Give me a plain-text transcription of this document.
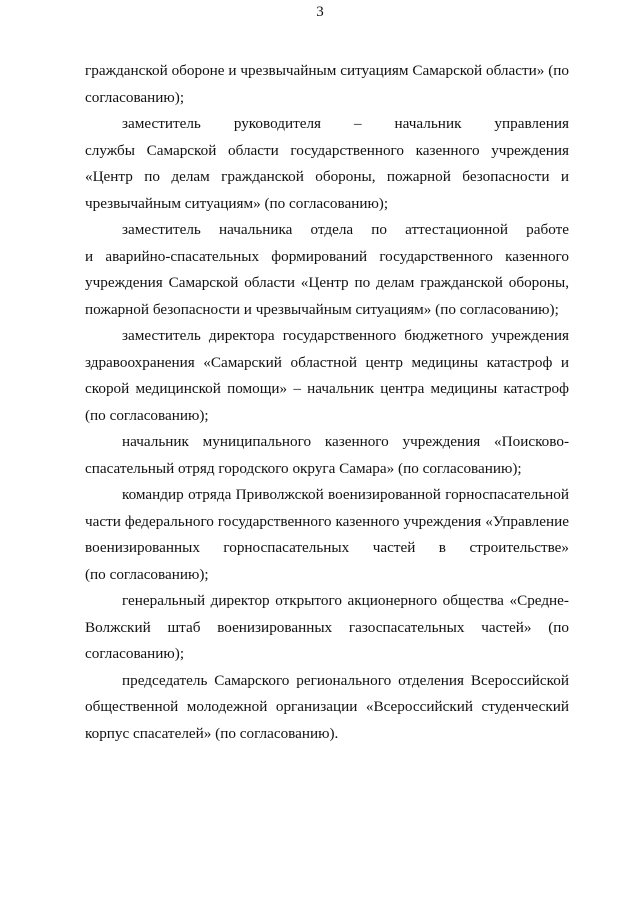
3
гражданской обороне и чрезвычайным ситуациям Самарской области» (по
согласованию);
заместитель руководителя – начальник управления
службы Самарской области государственного казенного учреждения
«Центр по делам гражданской обороны, пожарной безопасности и
чрезвычайным ситуациям» (по согласованию);
заместитель начальника отдела по аттестационной работе
и аварийно-спасательных формирований государственного казенного
учреждения Самарской области «Центр по делам гражданской обороны,
пожарной безопасности и чрезвычайным ситуациям» (по согласованию);
заместитель директора государственного бюджетного учреждения
здравоохранения «Самарский областной центр медицины катастроф и
скорой медицинской помощи» – начальник центра медицины катастроф
(по согласованию);
начальник муниципального казенного учреждения «Поисково-
спасательный отряд городского округа Самара» (по согласованию);
командир отряда Приволжской военизированной горноспасательной
части федерального государственного казенного учреждения «Управление
военизированных горноспасательных частей в строительстве»
(по согласованию);
генеральный директор открытого акционерного общества «Средне-
Волжский штаб военизированных газоспасательных частей» (по
согласованию);
председатель Самарского регионального отделения Всероссийской
общественной молодежной организации «Всероссийский студенческий
корпус спасателей» (по согласованию).
